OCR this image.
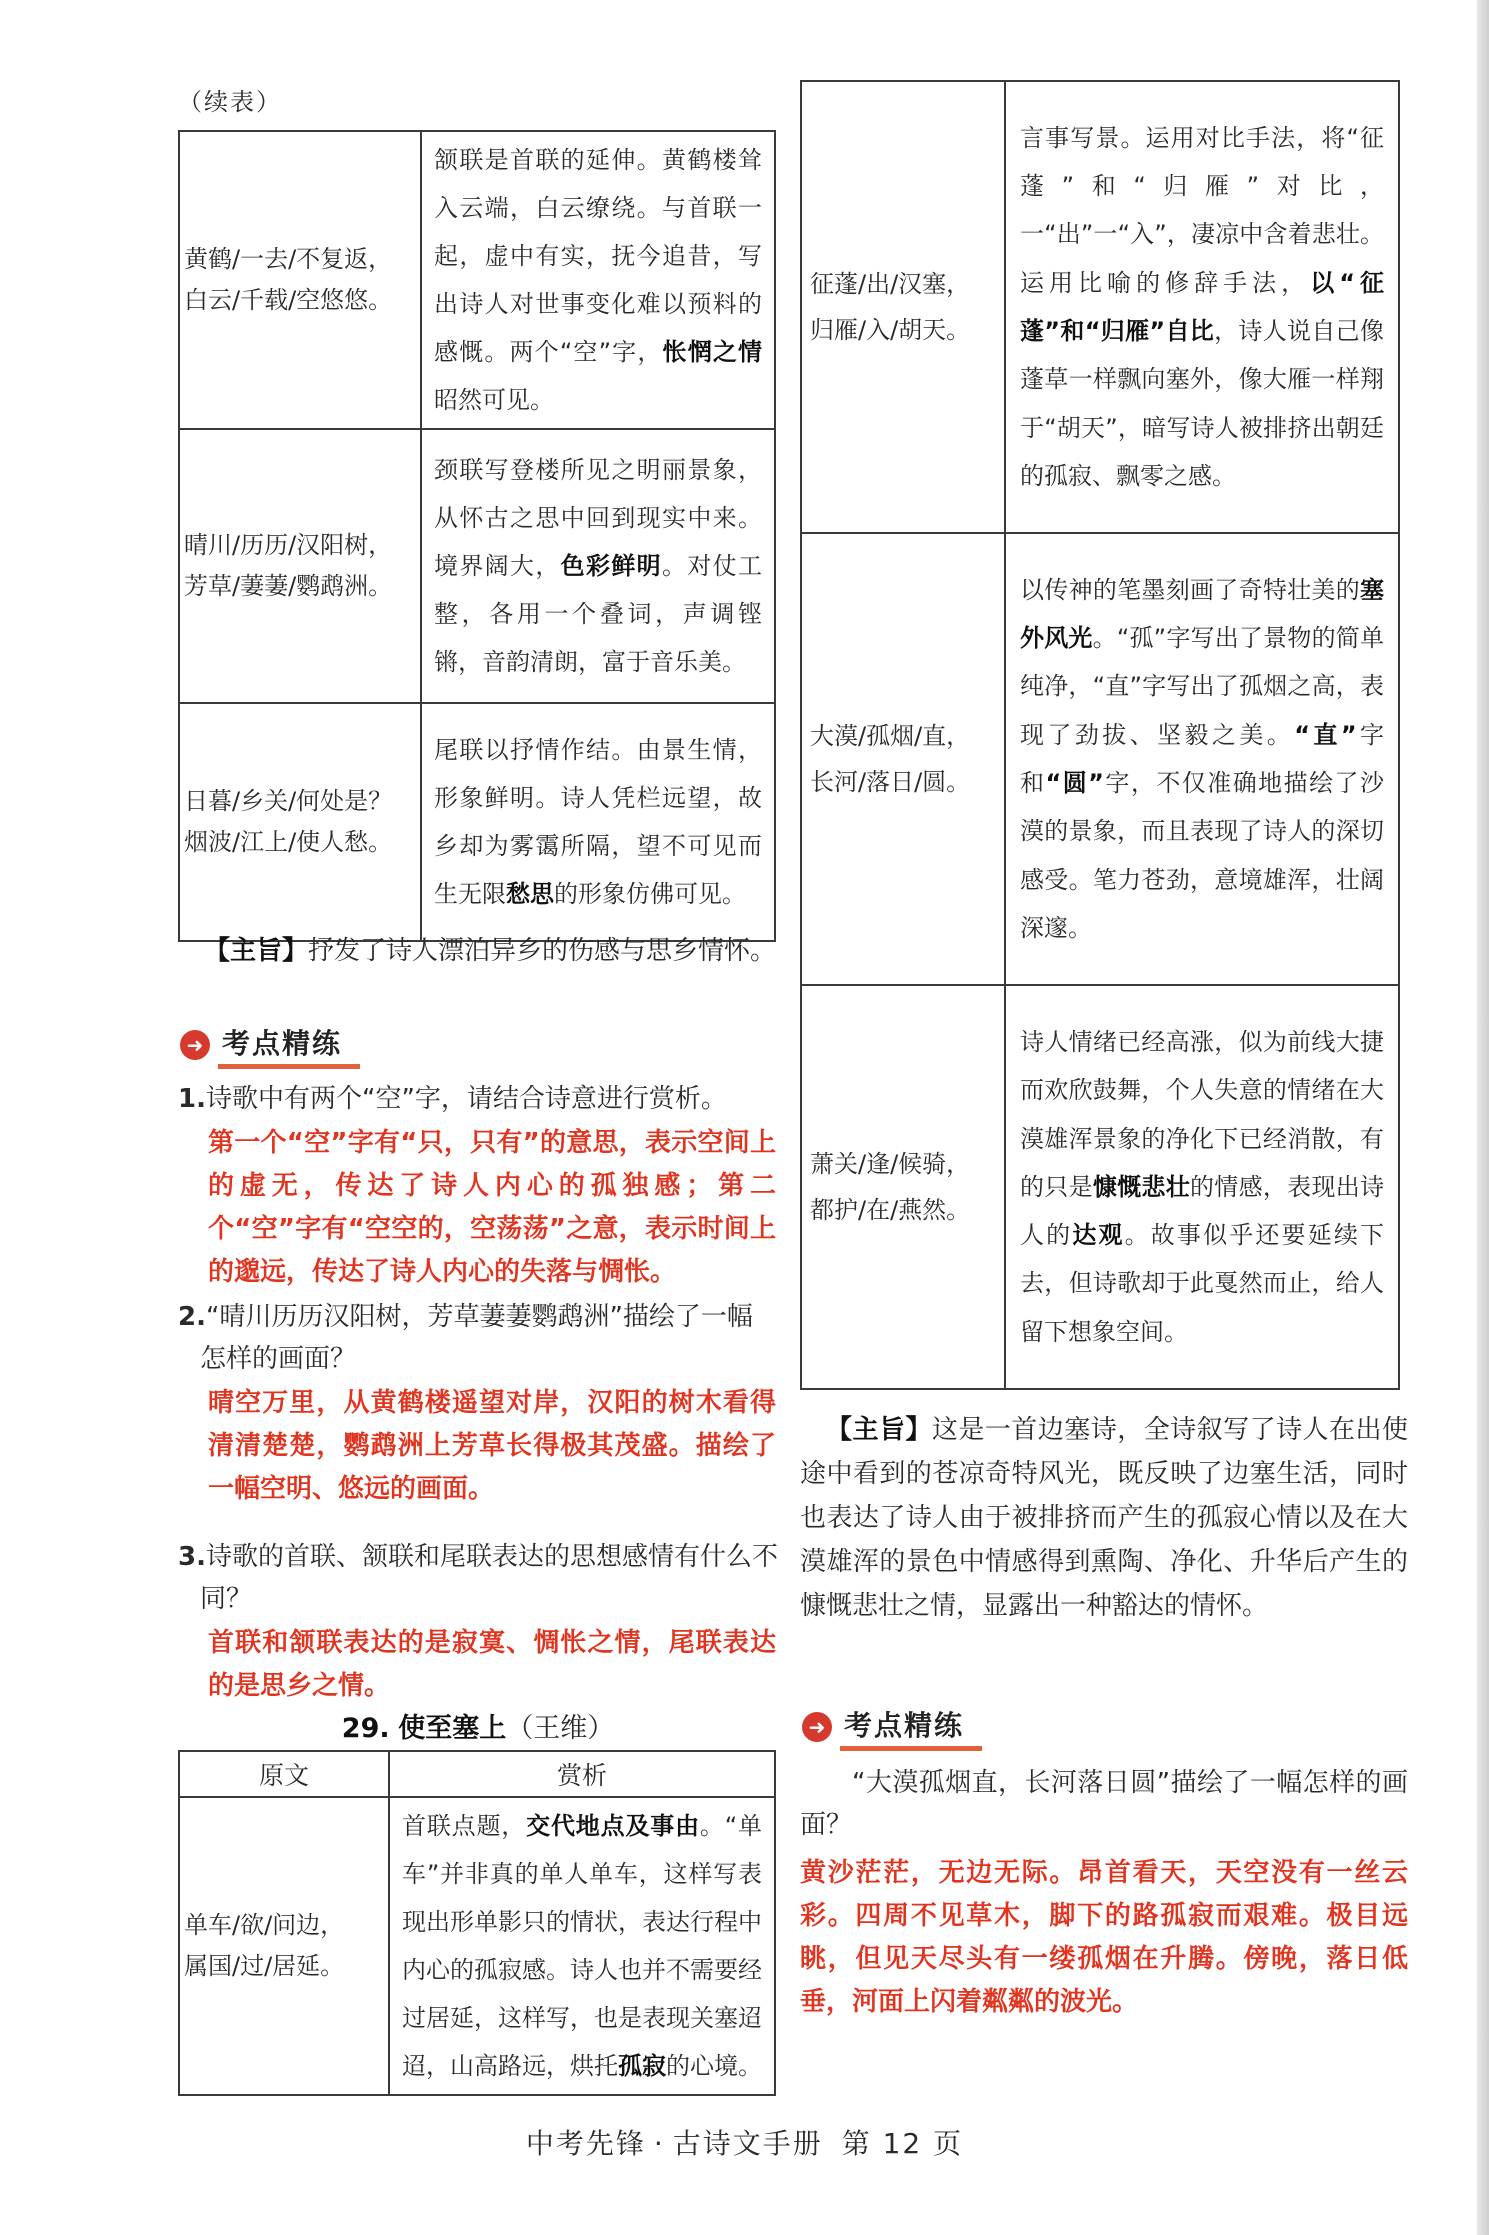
（续表）
黄鹤/一去/不复返，
白云/千载/空悠悠。	颔联是首联的延伸。黄鹤楼耸入云端，白云缭绕。与首联一起，虚中有实，抚今追昔，写出诗人对世事变化难以预料的感慨。两个“空”字，怅惘之情昭然可见。

晴川/历历/汉阳树，
芳草/萋萋/鹦鹉洲。	颈联写登楼所见之明丽景象，从怀古之思中回到现实中来。境界阔大，色彩鲜明。对仗工整，各用一个叠词，声调铿锵，音韵清朗，富于音乐美。

日暮/乡关/何处是？
烟波/江上/使人愁。	尾联以抒情作结。由景生情，形象鲜明。诗人凭栏远望，故乡却为雾霭所隔，望不可见而生无限愁思的形象仿佛可见。

【主旨】抒发了诗人漂泊异乡的伤感与思乡情怀。

➜ 考点精练

1.诗歌中有两个“空”字，请结合诗意进行赏析。

第一个“空”字有“只，只有”的意思，表示空间上的虚无，传达了诗人内心的孤独感；第二个“空”字有“空空的，空荡荡”之意，表示时间上的邈远，传达了诗人内心的失落与惆怅。

2.“晴川历历汉阳树，芳草萋萋鹦鹉洲”描绘了一幅怎样的画面？

晴空万里，从黄鹤楼遥望对岸，汉阳的树木看得清清楚楚，鹦鹉洲上芳草长得极其茂盛。描绘了一幅空明、悠远的画面。

3.诗歌的首联、颔联和尾联表达的思想感情有什么不同？

首联和颔联表达的是寂寞、惆怅之情，尾联表达的是思乡之情。

29. 使至塞上（王维）
原文	赏析

单车/欲/问边，
属国/过/居延。	首联点题，交代地点及事由。“单车”并非真的单人单车，这样写表现出形单影只的情状，表达行程中内心的孤寂感。诗人也并不需要经过居延，这样写，也是表现关塞迢迢，山高路远，烘托孤寂的心境。
征蓬/出/汉塞，
归雁/入/胡天。	言事写景。运用对比手法，将“征蓬”和“归雁”对比，一“出”一“入”，凄凉中含着悲壮。运用比喻的修辞手法，以“征蓬”和“归雁”自比，诗人说自己像蓬草一样飘向塞外，像大雁一样翔于“胡天”，暗写诗人被排挤出朝廷的孤寂、飘零之感。

大漠/孤烟/直，
长河/落日/圆。	以传神的笔墨刻画了奇特壮美的塞外风光。“孤”字写出了景物的简单纯净，“直”字写出了孤烟之高，表现了劲拔、坚毅之美。“直”字和“圆”字，不仅准确地描绘了沙漠的景象，而且表现了诗人的深切感受。笔力苍劲，意境雄浑，壮阔深邃。

萧关/逢/候骑，
都护/在/燕然。	诗人情绪已经高涨，似为前线大捷而欢欣鼓舞，个人失意的情绪在大漠雄浑景象的净化下已经消散，有的只是慷慨悲壮的情感，表现出诗人的达观。故事似乎还要延续下去，但诗歌却于此戛然而止，给人留下想象空间。

【主旨】这是一首边塞诗，全诗叙写了诗人在出使途中看到的苍凉奇特风光，既反映了边塞生活，同时也表达了诗人由于被排挤而产生的孤寂心情以及在大漠雄浑的景色中情感得到熏陶、净化、升华后产生的慷慨悲壮之情，显露出一种豁达的情怀。

➜ 考点精练

“大漠孤烟直，长河落日圆”描绘了一幅怎样的画面？

黄沙茫茫，无边无际。昂首看天，天空没有一丝云彩。四周不见草木，脚下的路孤寂而艰难。极目远眺，但见天尽头有一缕孤烟在升腾。傍晚，落日低垂，河面上闪着粼粼的波光。

中考先锋 · 古诗文手册 第 12 页
